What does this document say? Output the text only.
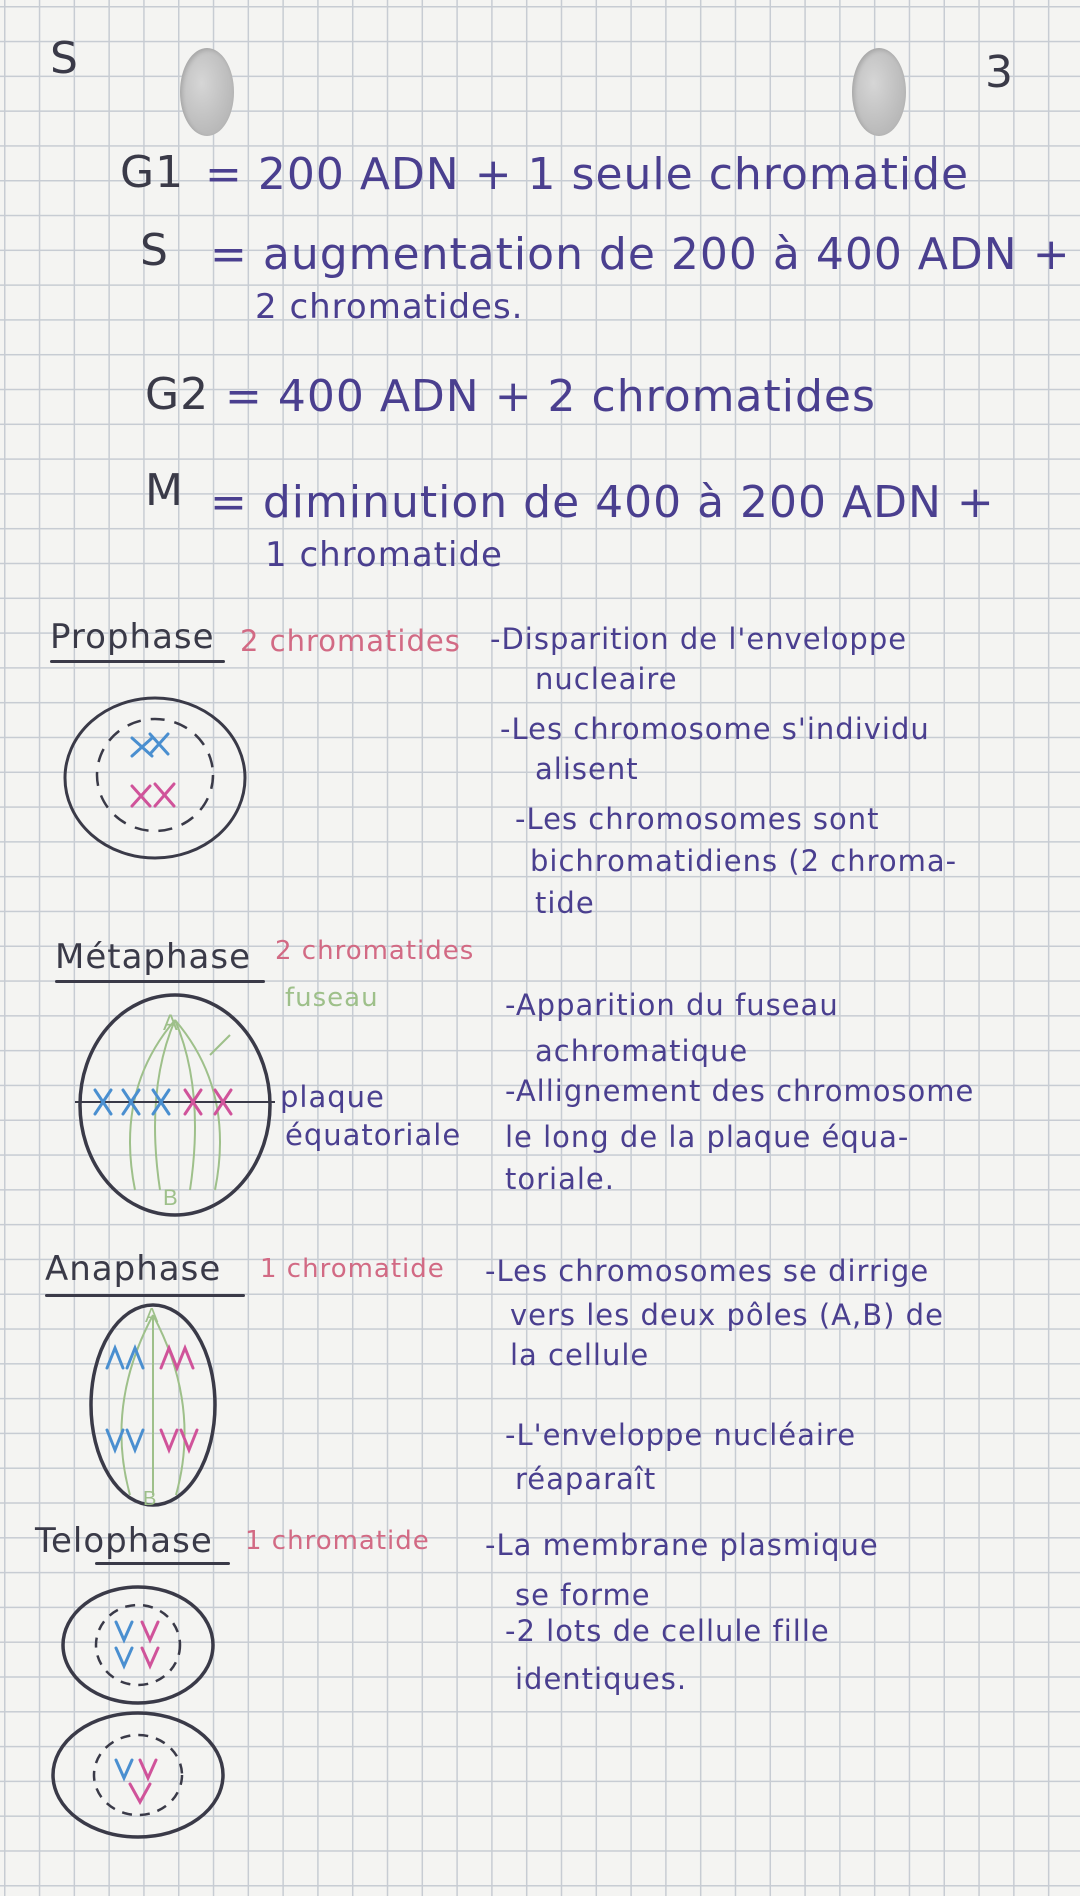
S	3
G1 = 200 ADN + 1 seule chromatide
S = augmentation de 200 à 400 ADN +
2 chromatides.
G2 = 400 ADN + 2 chromatides
M = diminution de 400 à 200 ADN +
1 chromatide
Prophase 2 chromatides -Disparition de l'enveloppe
nucleaire
-Les chromosome s'individu
alisent
-Les chromosomes sont
bichromatidiens (2 chroma-
tide
Métaphase 2 chromatides
A
B
fuseau
plaque
équatoriale
-Apparition du fuseau
achromatique
-Allignement des chromosome
le long de la plaque équa-
toriale.
Anaphase 1 chromatide
A
B
-Les chromosomes se dirrige
vers les deux pôles (A,B) de
la cellule
-L'enveloppe nucléaire
réaparaît
Telophase 1 chromatide -La membrane plasmique
se forme
-2 lots de cellule fille
identiques.
